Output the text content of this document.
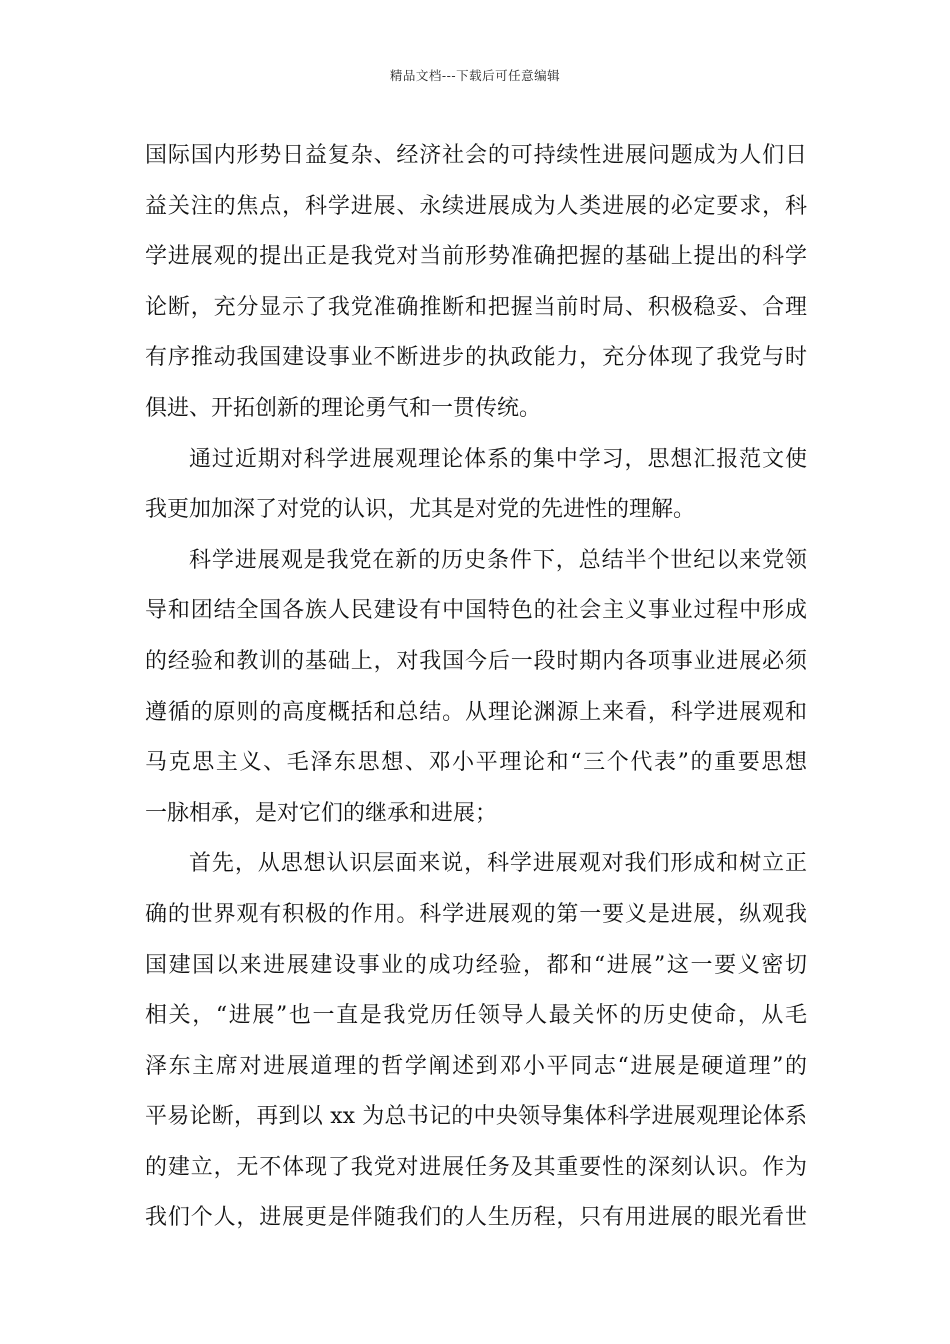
精品文档---下载后可任意编辑
国际国内形势日益复杂、经济社会的可持续性进展问题成为人们日
益关注的焦点，科学进展、永续进展成为人类进展的必定要求，科
学进展观的提出正是我党对当前形势准确把握的基础上提出的科学
论断，充分显示了我党准确推断和把握当前时局、积极稳妥、合理
有序推动我国建设事业不断进步的执政能力，充分体现了我党与时
俱进、开拓创新的理论勇气和一贯传统。
通过近期对科学进展观理论体系的集中学习，思想汇报范文使
我更加加深了对党的认识，尤其是对党的先进性的理解。
科学进展观是我党在新的历史条件下，总结半个世纪以来党领
导和团结全国各族人民建设有中国特色的社会主义事业过程中形成
的经验和教训的基础上，对我国今后一段时期内各项事业进展必须
遵循的原则的高度概括和总结。从理论渊源上来看，科学进展观和
马克思主义、毛泽东思想、邓小平理论和“三个代表”的重要思想
一脉相承，是对它们的继承和进展；
首先，从思想认识层面来说，科学进展观对我们形成和树立正
确的世界观有积极的作用。科学进展观的第一要义是进展，纵观我
国建国以来进展建设事业的成功经验，都和“进展”这一要义密切
相关，“进展”也一直是我党历任领导人最关怀的历史使命，从毛
泽东主席对进展道理的哲学阐述到邓小平同志“进展是硬道理”的
平易论断，再到以 xx 为总书记的中央领导集体科学进展观理论体系
的建立，无不体现了我党对进展任务及其重要性的深刻认识。作为
我们个人，进展更是伴随我们的人生历程，只有用进展的眼光看世
